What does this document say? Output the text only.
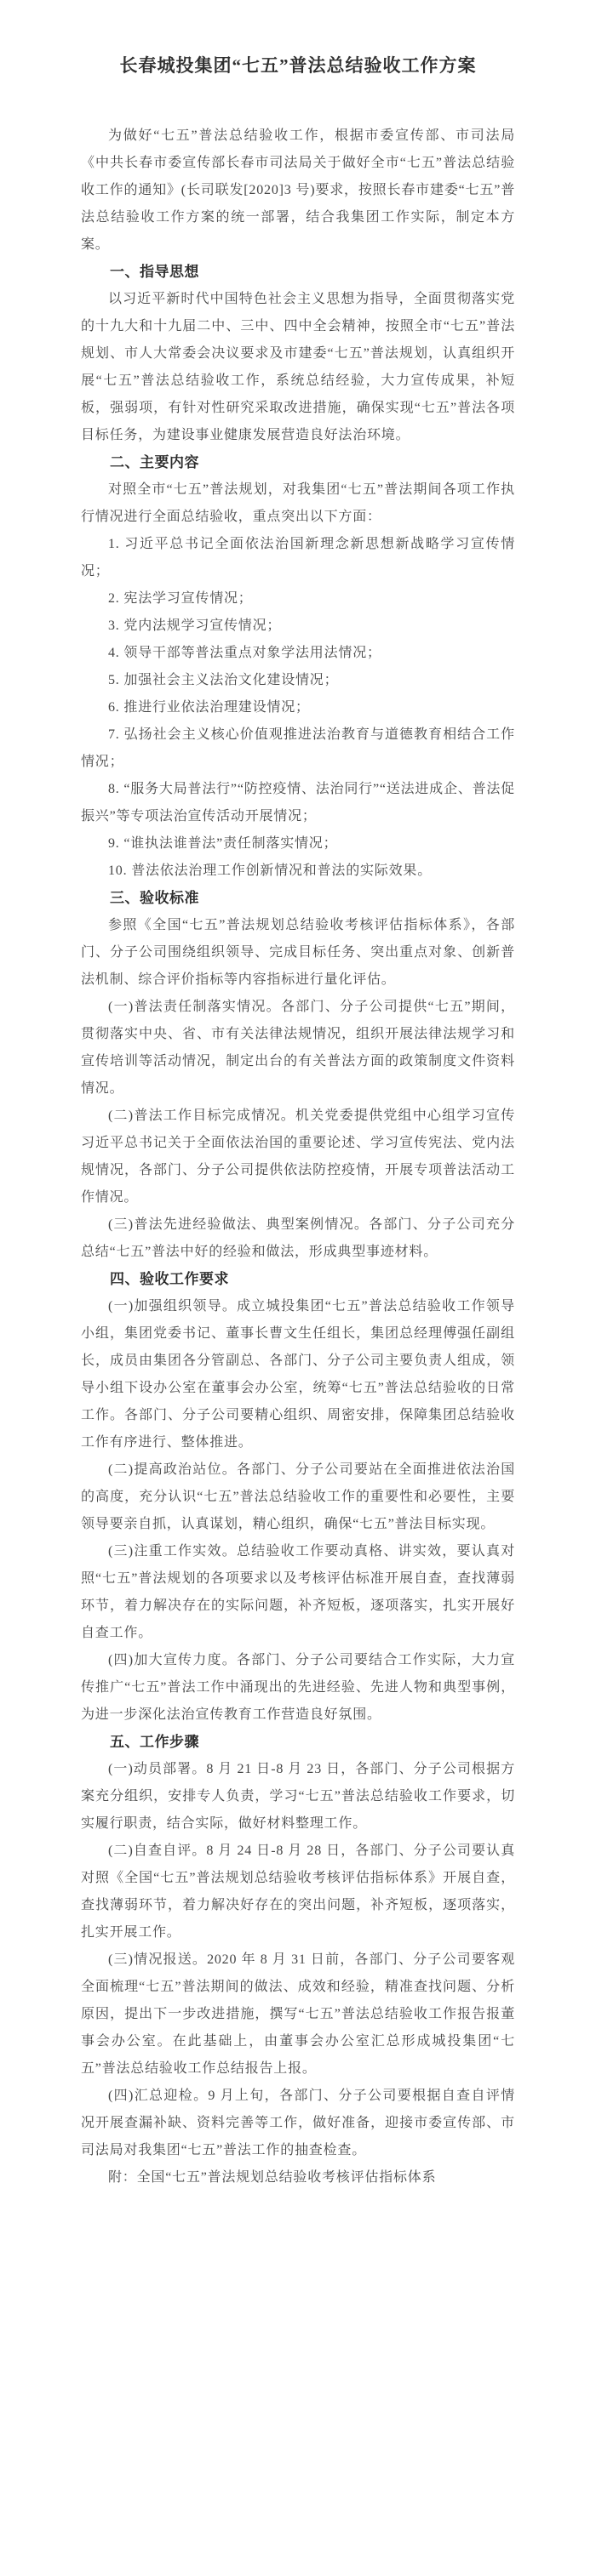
长春城投集团“七五”普法总结验收工作方案

为做好“七五”普法总结验收工作，根据市委宣传部、市司法局《中共长春市委宣传部长春市司法局关于做好全市“七五”普法总结验收工作的通知》(长司联发[2020]3 号)要求，按照长春市建委“七五”普法总结验收工作方案的统一部署，结合我集团工作实际，制定本方案。

一、指导思想

以习近平新时代中国特色社会主义思想为指导，全面贯彻落实党的十九大和十九届二中、三中、四中全会精神，按照全市“七五”普法规划、市人大常委会决议要求及市建委“七五”普法规划，认真组织开展“七五”普法总结验收工作，系统总结经验，大力宣传成果，补短板，强弱项，有针对性研究采取改进措施，确保实现“七五”普法各项目标任务，为建设事业健康发展营造良好法治环境。

二、主要内容

对照全市“七五”普法规划，对我集团“七五”普法期间各项工作执行情况进行全面总结验收，重点突出以下方面：

1. 习近平总书记全面依法治国新理念新思想新战略学习宣传情况；

2. 宪法学习宣传情况；

3. 党内法规学习宣传情况；

4. 领导干部等普法重点对象学法用法情况；

5. 加强社会主义法治文化建设情况；

6. 推进行业依法治理建设情况；

7. 弘扬社会主义核心价值观推进法治教育与道德教育相结合工作情况；

8. “服务大局普法行”“防控疫情、法治同行”“送法进成企、普法促振兴”等专项法治宣传活动开展情况；

9. “谁执法谁普法”责任制落实情况；

10. 普法依法治理工作创新情况和普法的实际效果。

三、验收标准

参照《全国“七五”普法规划总结验收考核评估指标体系》，各部门、分子公司围绕组织领导、完成目标任务、突出重点对象、创新普法机制、综合评价指标等内容指标进行量化评估。

(一)普法责任制落实情况。各部门、分子公司提供“七五”期间，贯彻落实中央、省、市有关法律法规情况，组织开展法律法规学习和宣传培训等活动情况，制定出台的有关普法方面的政策制度文件资料情况。

(二)普法工作目标完成情况。机关党委提供党组中心组学习宣传习近平总书记关于全面依法治国的重要论述、学习宣传宪法、党内法规情况，各部门、分子公司提供依法防控疫情，开展专项普法活动工作情况。

(三)普法先进经验做法、典型案例情况。各部门、分子公司充分总结“七五”普法中好的经验和做法，形成典型事迹材料。

四、验收工作要求

(一)加强组织领导。成立城投集团“七五”普法总结验收工作领导小组，集团党委书记、董事长曹文生任组长，集团总经理傅强任副组长，成员由集团各分管副总、各部门、分子公司主要负责人组成，领导小组下设办公室在董事会办公室，统筹“七五”普法总结验收的日常工作。各部门、分子公司要精心组织、周密安排，保障集团总结验收工作有序进行、整体推进。

(二)提高政治站位。各部门、分子公司要站在全面推进依法治国的高度，充分认识“七五”普法总结验收工作的重要性和必要性，主要领导要亲自抓，认真谋划，精心组织，确保“七五”普法目标实现。

(三)注重工作实效。总结验收工作要动真格、讲实效，要认真对照“七五”普法规划的各项要求以及考核评估标准开展自查，查找薄弱环节，着力解决存在的实际问题，补齐短板，逐项落实，扎实开展好自查工作。

(四)加大宣传力度。各部门、分子公司要结合工作实际，大力宣传推广“七五”普法工作中涌现出的先进经验、先进人物和典型事例，为进一步深化法治宣传教育工作营造良好氛围。

五、工作步骤

(一)动员部署。8 月 21 日-8 月 23 日，各部门、分子公司根据方案充分组织，安排专人负责，学习“七五”普法总结验收工作要求，切实履行职责，结合实际，做好材料整理工作。

(二)自查自评。8 月 24 日-8 月 28 日，各部门、分子公司要认真对照《全国“七五”普法规划总结验收考核评估指标体系》开展自查，查找薄弱环节，着力解决好存在的突出问题，补齐短板，逐项落实，扎实开展工作。

(三)情况报送。2020 年 8 月 31 日前，各部门、分子公司要客观全面梳理“七五”普法期间的做法、成效和经验，精准查找问题、分析原因，提出下一步改进措施，撰写“七五”普法总结验收工作报告报董事会办公室。在此基础上，由董事会办公室汇总形成城投集团“七五”普法总结验收工作总结报告上报。

(四)汇总迎检。9 月上旬，各部门、分子公司要根据自查自评情况开展查漏补缺、资料完善等工作，做好准备，迎接市委宣传部、市司法局对我集团“七五”普法工作的抽查检查。

附：全国“七五”普法规划总结验收考核评估指标体系
